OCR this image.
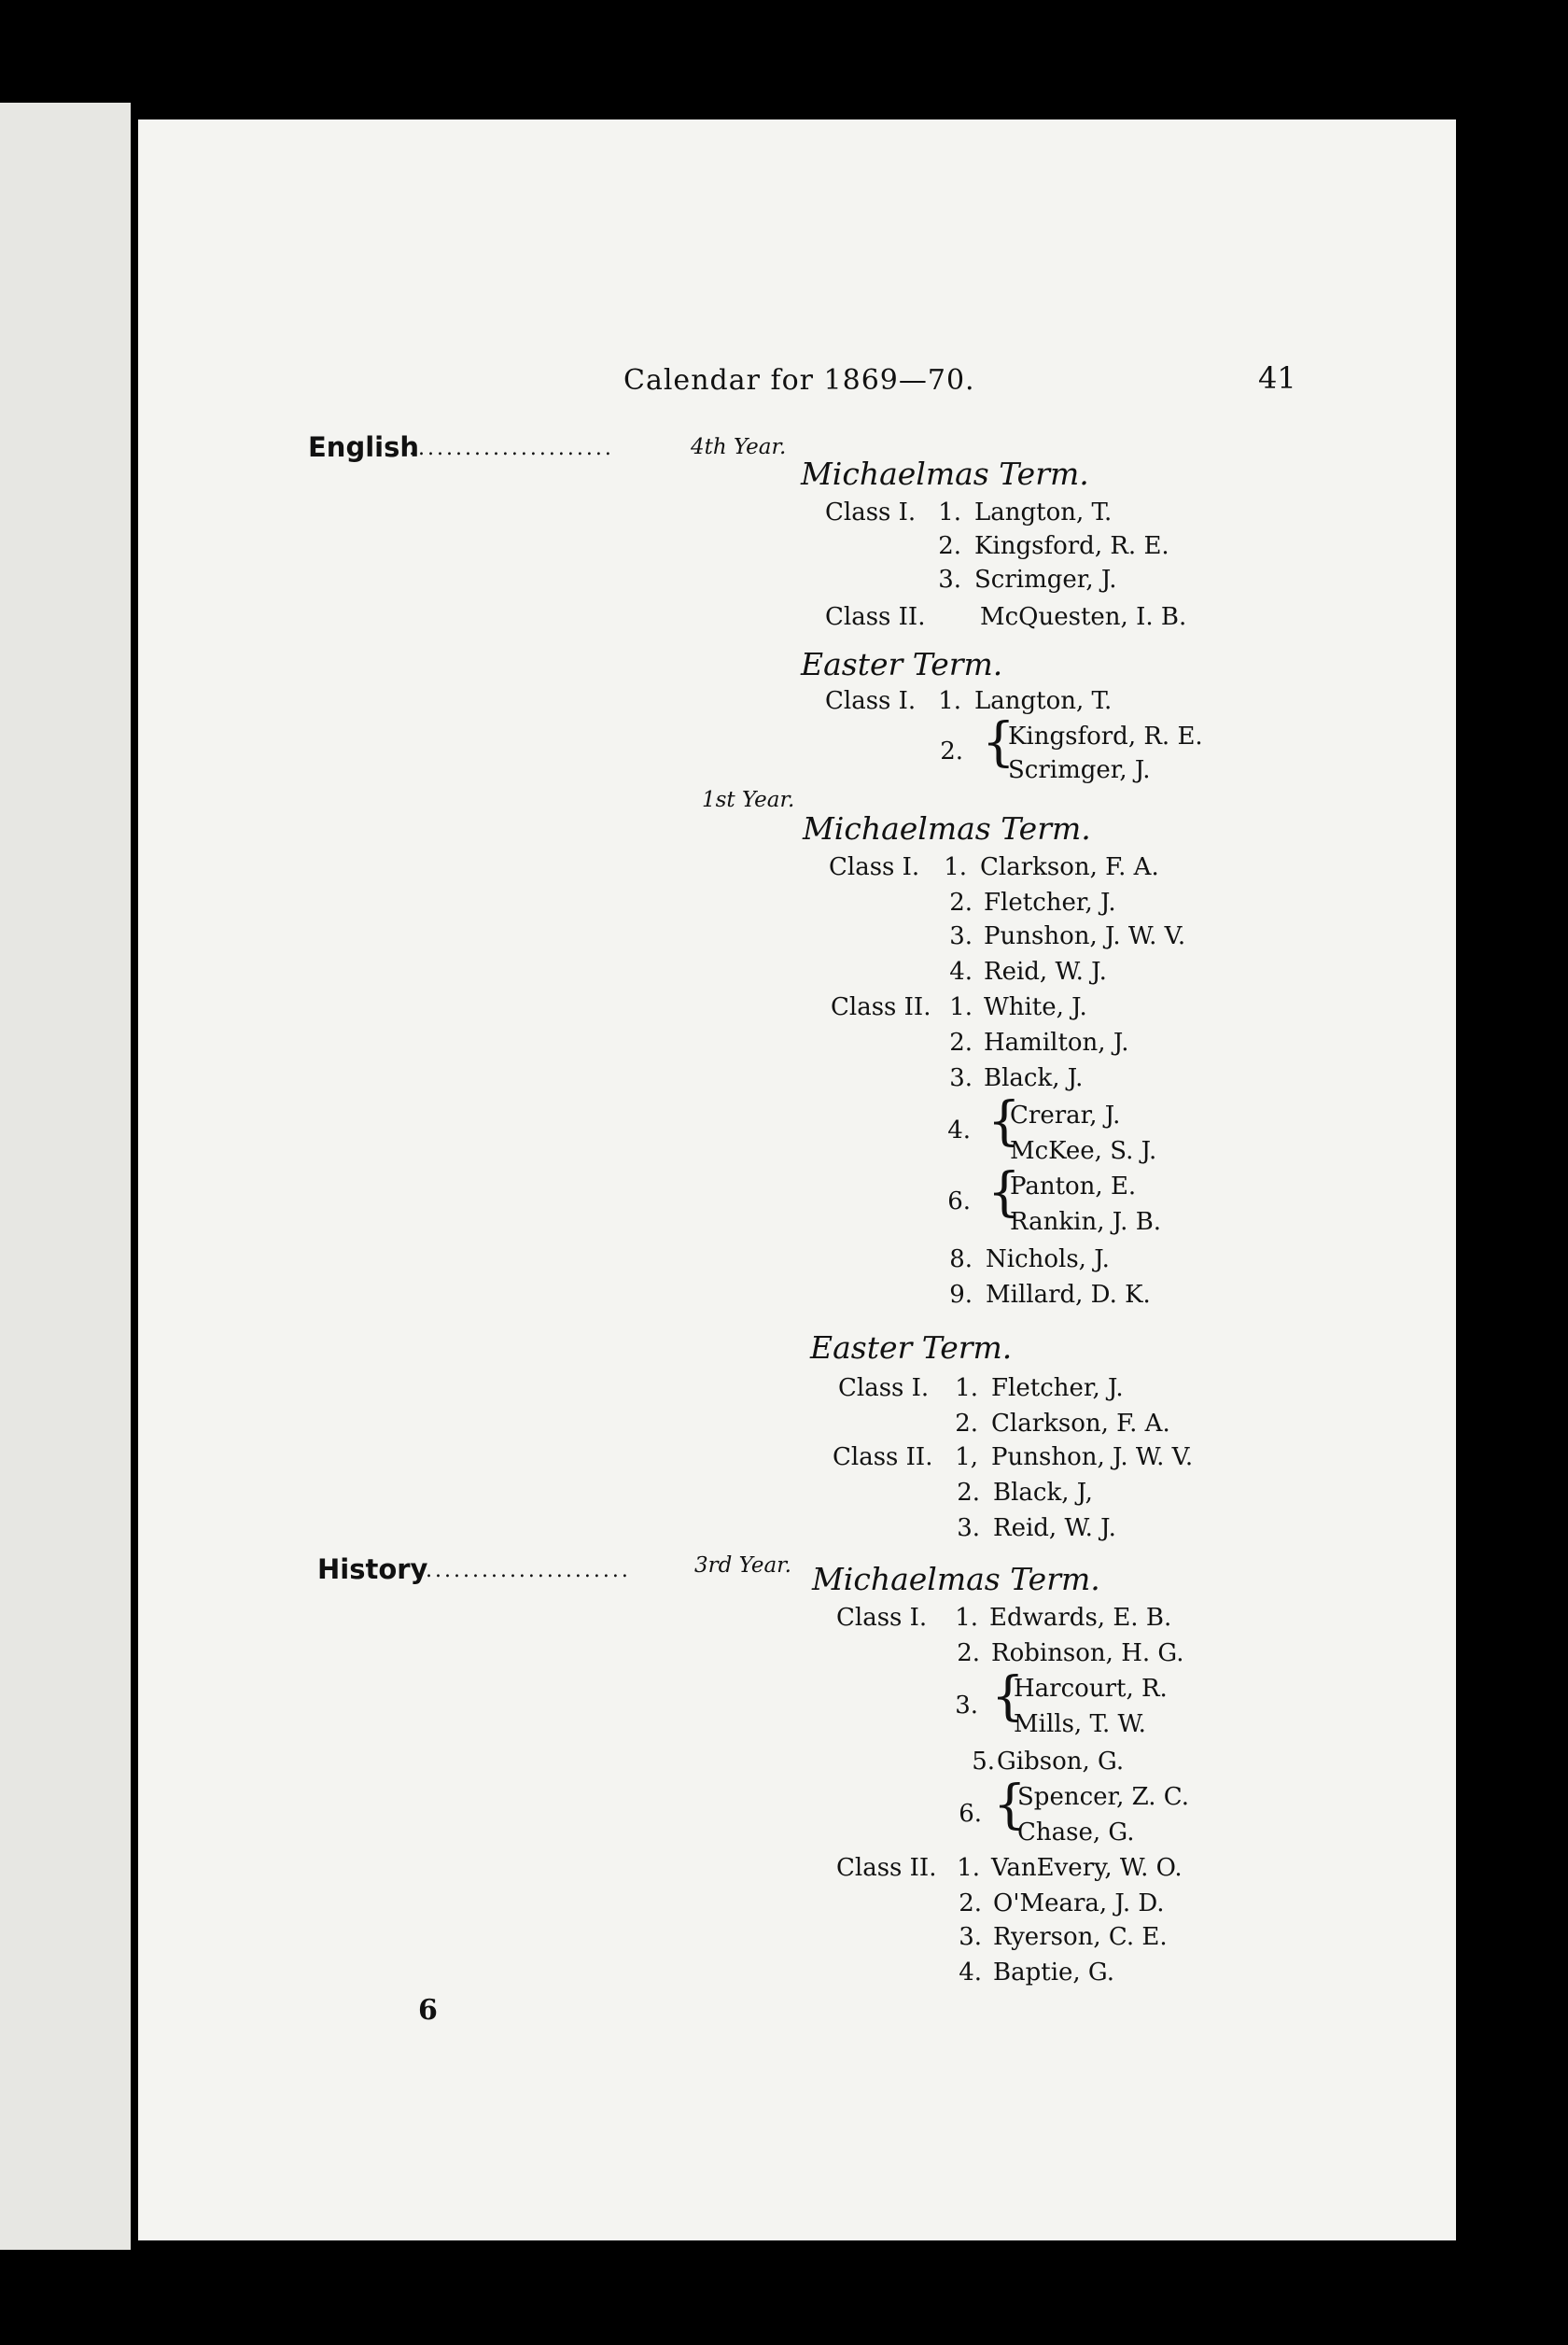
Calendar for 1869—70.	41
English
......................	4th Year.
Michaelmas Term.
Class I. 1. Langton, T.
2. Kingsford, R. E.
3. Scrimger, J.
Class II. McQuesten, I. B.
Easter Term.
Class I. 1. Langton, T.
2. {
Kingsford, R. E.
Scrimger, J.
1st Year.
Michaelmas Term.
Class I. 1. Clarkson, F. A.
2. Fletcher, J.
3. Punshon, J. W. V.
4. Reid, W. J.
Class II. 1. White, J.
2. Hamilton, J.
3. Black, J.
4. {
Crerar, J.
McKee, S. J.
6. {
Panton, E.
Rankin, J. B.
8. Nichols, J.
9. Millard, D. K.
Easter Term.
Class I.	1. Fletcher, J.
2. Clarkson, F. A.
Class II. 1, Punshon, J. W. V.
2. Black, J,
3. Reid, W. J.
History
......................	3rd Year. Michaelmas Term.
Class I.	1. Edwards, E. B.
2. Robinson, H. G.
3. {
Harcourt, R.
Mills, T. W.
5. Gibson, G.
6. {
Spencer, Z. C.
Chase, G.
Class II. 1. VanEvery, W. O.
2. O'Meara, J. D.
3. Ryerson, C. E.
4. Baptie, G.
6
